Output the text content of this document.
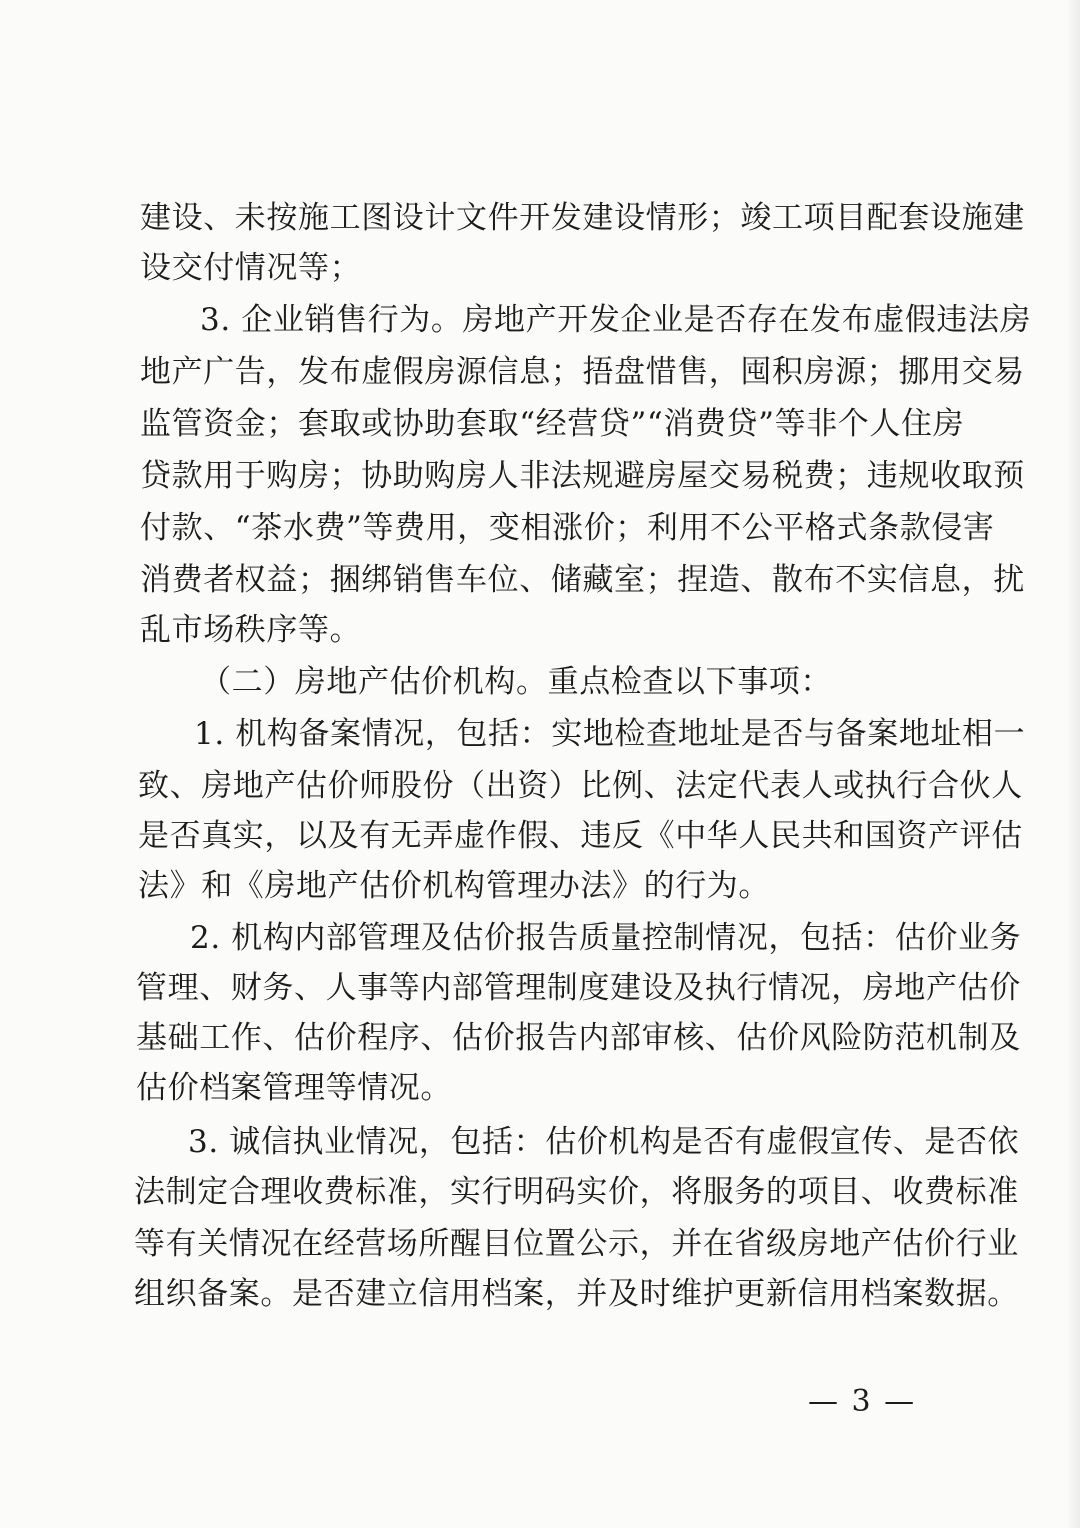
建设、未按施工图设计文件开发建设情形；竣工项目配套设施建
设交付情况等；
3. 企业销售行为。房地产开发企业是否存在发布虚假违法房
地产广告，发布虚假房源信息；捂盘惜售，囤积房源；挪用交易
监管资金；套取或协助套取“经营贷”“消费贷”等非个人住房
贷款用于购房；协助购房人非法规避房屋交易税费；违规收取预
付款、“茶水费”等费用，变相涨价；利用不公平格式条款侵害
消费者权益；捆绑销售车位、储藏室；捏造、散布不实信息，扰
乱市场秩序等。
（二）房地产估价机构。重点检查以下事项：
1. 机构备案情况，包括：实地检查地址是否与备案地址相一
致、房地产估价师股份（出资）比例、法定代表人或执行合伙人
是否真实，以及有无弄虚作假、违反《中华人民共和国资产评估
法》和《房地产估价机构管理办法》的行为。
2. 机构内部管理及估价报告质量控制情况，包括：估价业务
管理、财务、人事等内部管理制度建设及执行情况，房地产估价
基础工作、估价程序、估价报告内部审核、估价风险防范机制及
估价档案管理等情况。
3. 诚信执业情况，包括：估价机构是否有虚假宣传、是否依
法制定合理收费标准，实行明码实价，将服务的项目、收费标准
等有关情况在经营场所醒目位置公示，并在省级房地产估价行业
组织备案。是否建立信用档案，并及时维护更新信用档案数据。
— 3 —
